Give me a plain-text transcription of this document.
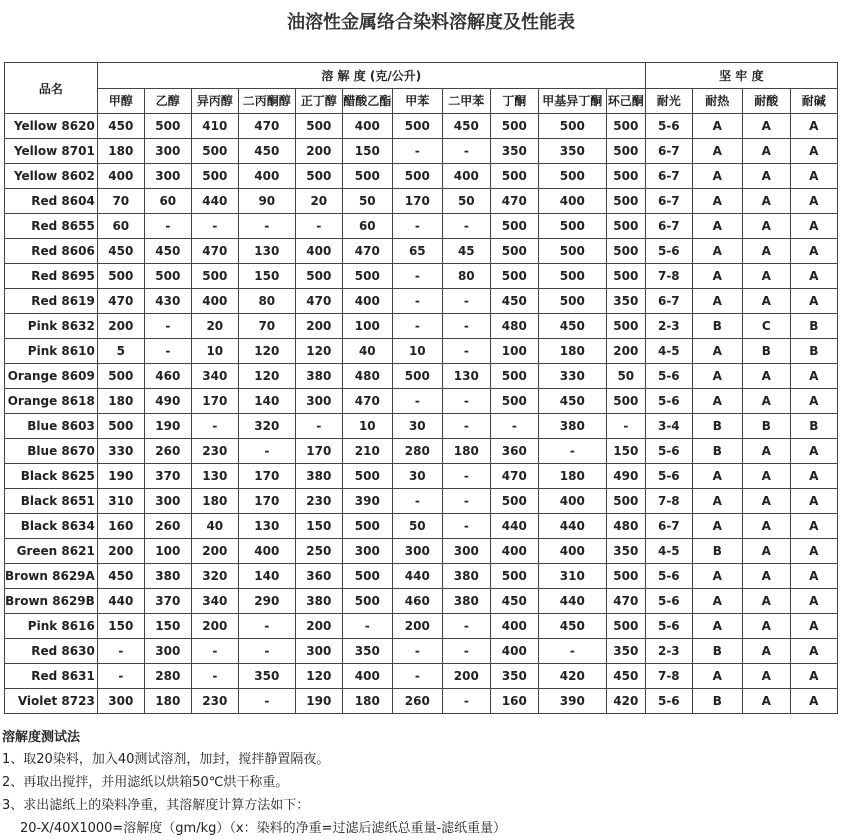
油溶性金属络合染料溶解度及性能表
品名	溶 解 度 (克/公升)											坚 牢 度			
	甲醇	乙醇	异丙醇	二丙酮醇	正丁醇	醋酸乙酯	甲苯	二甲苯	丁酮	甲基异丁酮	环己酮	耐光	耐热	耐酸	耐碱
Yellow 8620	450	500	410	470	500	400	500	450	500	500	500	5-6	A	A	A
Yellow 8701	180	300	500	450	200	150	-	-	350	350	500	6-7	A	A	A
Yellow 8602	400	300	500	400	500	500	500	400	500	500	500	6-7	A	A	A
Red 8604	70	60	440	90	20	50	170	50	470	400	500	6-7	A	A	A
Red 8655	60	-	-	-	-	60	-	-	500	500	500	6-7	A	A	A
Red 8606	450	450	470	130	400	470	65	45	500	500	500	5-6	A	A	A
Red 8695	500	500	500	150	500	500	-	80	500	500	500	7-8	A	A	A
Red 8619	470	430	400	80	470	400	-	-	450	500	350	6-7	A	A	A
Pink 8632	200	-	20	70	200	100	-	-	480	450	500	2-3	B	C	B
Pink 8610	5	-	10	120	120	40	10	-	100	180	200	4-5	A	B	B
Orange 8609	500	460	340	120	380	480	500	130	500	330	50	5-6	A	A	A
Orange 8618	180	490	170	140	300	470	-	-	500	450	500	5-6	A	A	A
Blue 8603	500	190	-	320	-	10	30	-	-	380	-	3-4	B	B	B
Blue 8670	330	260	230	-	170	210	280	180	360	-	150	5-6	B	A	A
Black 8625	190	370	130	170	380	500	30	-	470	180	490	5-6	A	A	A
Black 8651	310	300	180	170	230	390	-	-	500	400	500	7-8	A	A	A
Black 8634	160	260	40	130	150	500	50	-	440	440	480	6-7	A	A	A
Green 8621	200	100	200	400	250	300	300	300	400	400	350	4-5	B	A	A
Brown 8629A	450	380	320	140	360	500	440	380	500	310	500	5-6	A	A	A
Brown 8629B	440	370	340	290	380	500	460	380	450	440	470	5-6	A	A	A
Pink 8616	150	150	200	-	200	-	200	-	400	450	500	5-6	A	A	A
Red 8630	-	300	-	-	300	350	-	-	400	-	350	2-3	B	A	A
Red 8631	-	280	-	350	120	400	-	200	350	420	450	7-8	A	A	A
Violet 8723	300	180	230	-	190	180	260	-	160	390	420	5-6	B	A	A
溶解度测试法
1、取20染料，加入40测试溶剂，加封，搅拌静置隔夜。
2、再取出搅拌，并用滤纸以烘箱50℃烘干称重。
3、求出滤纸上的染料净重，其溶解度计算方法如下：
20-X/40X1000=溶解度（gm/kg）（x：染料的净重=过滤后滤纸总重量-滤纸重量）
